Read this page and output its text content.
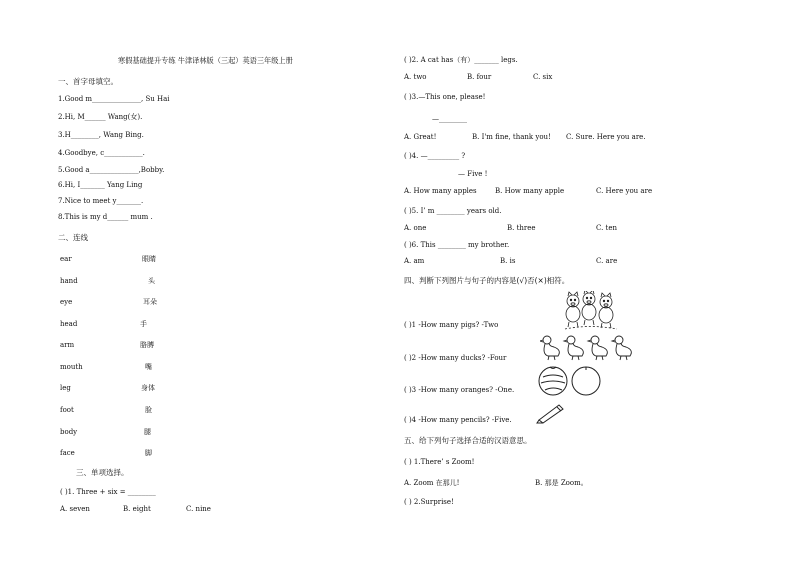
寒假基础提升专练 牛津译林版（三起）英语三年级上册
一、首字母填空。
1.Good m______________, Su Hai
2.Hi, M______ Wang(女).
3.H________, Wang Bing.
4.Goodbye, c___________.
5.Good a______________,Bobby.
6.Hi, I_______ Yang Ling
7.Nice to meet y_______.
8.This is my d______ mum .
二、连线
ear	眼睛
hand	头
eye	耳朵
head	手
arm	胳膊
mouth	嘴
leg	身体
foot	脸
body	腿
face	脚
三、单项选择。
( )1. Three + six = ________
A. seven	B. eight	C. nine
( )2. A cat has（有）_______ legs.
A. two	B. four	C. six
( )3.—This one, please!
—________
A. Great!	B. I'm fine, thank you! C. Sure. Here you are.
( )4. —_________ ?
— Five !
A. How many apples	B. How many apple	C. Here you are
( )5. I’ m ________ years old.
A. one	B. three	C. ten
( )6. This ________ my brother.
A. am	B. is	C. are
四、判断下列图片与句子的内容是(√)否(×)相符。
( )1 -How many pigs? -Two
( )2 -How many ducks? -Four
( )3 -How many oranges? -One.
( )4 -How many pencils? -Five.
五、给下列句子选择合适的汉语意思。
( ) 1.There’ s Zoom!
A. Zoom 在那儿!	B. 那是 Zoom。
( ) 2.Surprise!
